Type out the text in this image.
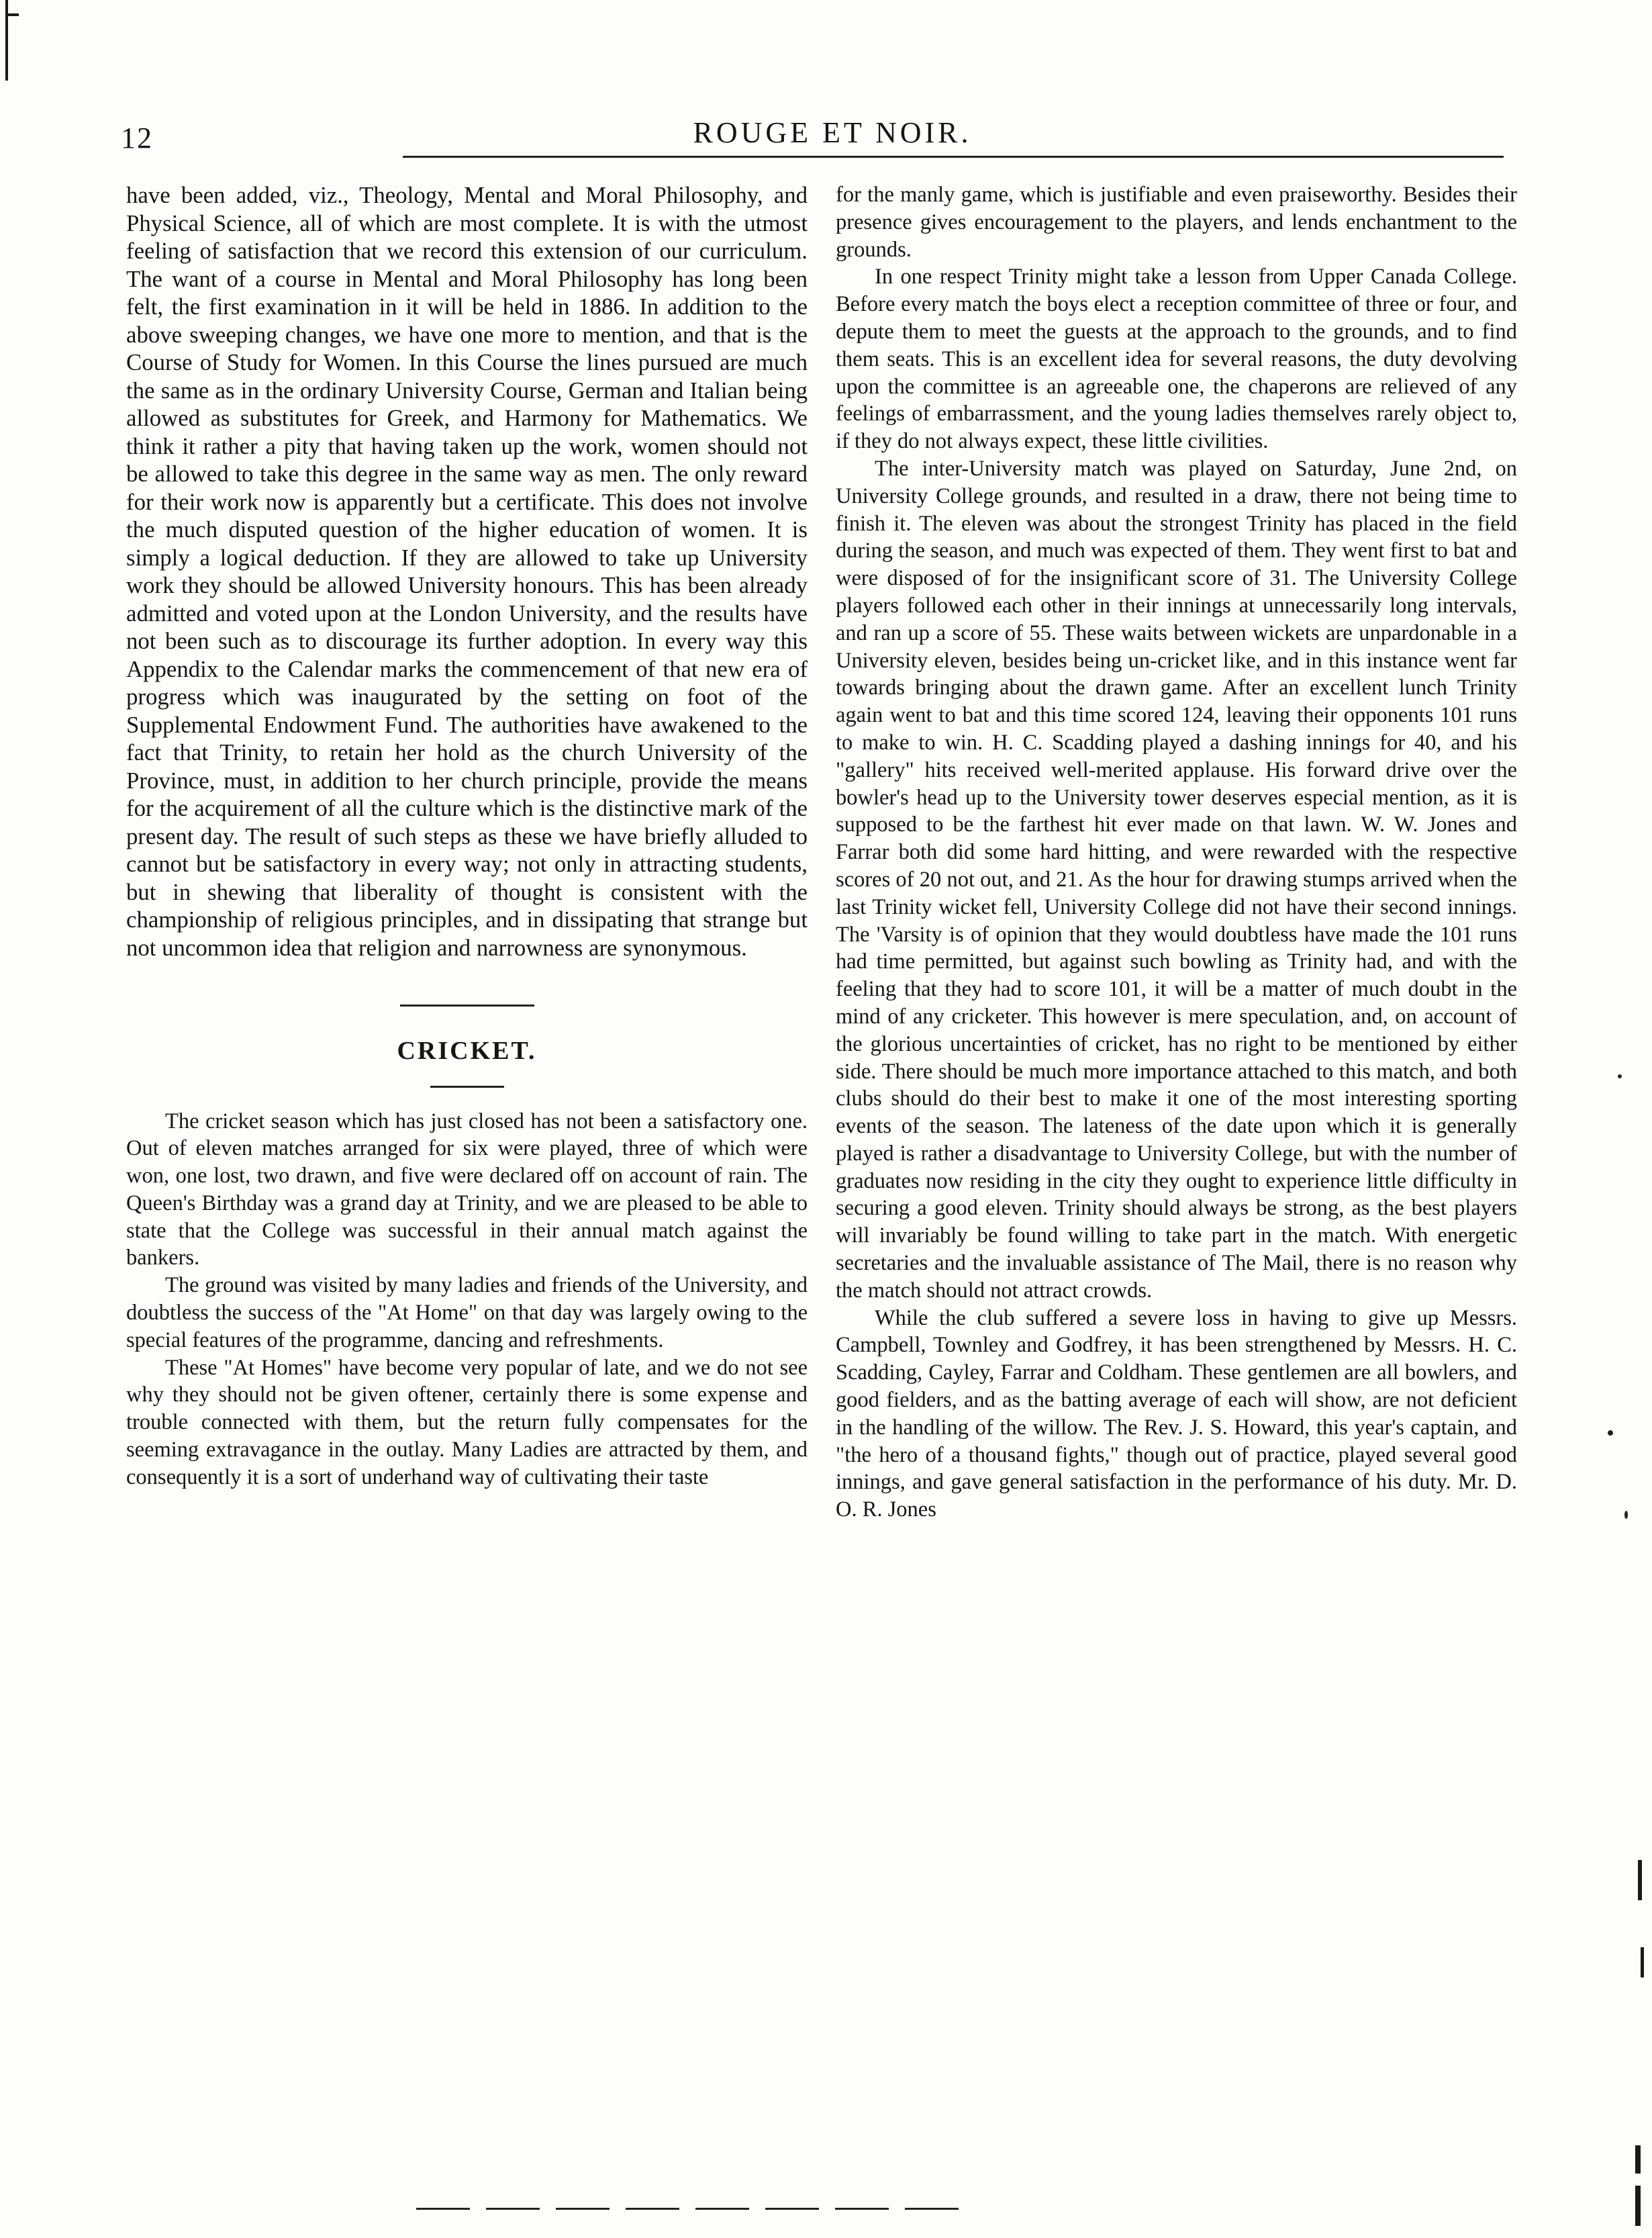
12	ROUGE ET NOIR.

have been added, viz., Theology, Mental and Moral Philosophy, and Physical Science, all of which are most complete. It is with the utmost feeling of satisfaction that we record this extension of our curriculum. The want of a course in Mental and Moral Philosophy has long been felt, the first examination in it will be held in 1886. In addition to the above sweeping changes, we have one more to mention, and that is the Course of Study for Women. In this Course the lines pursued are much the same as in the ordinary University Course, German and Italian being allowed as substitutes for Greek, and Harmony for Mathematics. We think it rather a pity that having taken up the work, women should not be allowed to take this degree in the same way as men. The only reward for their work now is apparently but a certificate. This does not involve the much disputed question of the higher education of women. It is simply a logical deduction. If they are allowed to take up University work they should be allowed University honours. This has been already admitted and voted upon at the London University, and the results have not been such as to discourage its further adoption. In every way this Appendix to the Calendar marks the commencement of that new era of progress which was inaugurated by the setting on foot of the Supplemental Endowment Fund. The authorities have awakened to the fact that Trinity, to retain her hold as the church University of the Province, must, in addition to her church principle, provide the means for the acquirement of all the culture which is the distinctive mark of the present day. The result of such steps as these we have briefly alluded to cannot but be satisfactory in every way; not only in attracting students, but in shewing that liberality of thought is consistent with the championship of religious principles, and in dissipating that strange but not uncommon idea that religion and narrowness are synonymous.

CRICKET.

The cricket season which has just closed has not been a satisfactory one. Out of eleven matches arranged for six were played, three of which were won, one lost, two drawn, and five were declared off on account of rain. The Queen's Birthday was a grand day at Trinity, and we are pleased to be able to state that the College was successful in their annual match against the bankers.

The ground was visited by many ladies and friends of the University, and doubtless the success of the "At Home" on that day was largely owing to the special features of the programme, dancing and refreshments.

These "At Homes" have become very popular of late, and we do not see why they should not be given oftener, certainly there is some expense and trouble connected with them, but the return fully compensates for the seeming extravagance in the outlay. Many Ladies are attracted by them, and consequently it is a sort of underhand way of cultivating their taste

for the manly game, which is justifiable and even praiseworthy. Besides their presence gives encouragement to the players, and lends enchantment to the grounds.

In one respect Trinity might take a lesson from Upper Canada College. Before every match the boys elect a reception committee of three or four, and depute them to meet the guests at the approach to the grounds, and to find them seats. This is an excellent idea for several reasons, the duty devolving upon the committee is an agreeable one, the chaperons are relieved of any feelings of embarrassment, and the young ladies themselves rarely object to, if they do not always expect, these little civilities.

The inter-University match was played on Saturday, June 2nd, on University College grounds, and resulted in a draw, there not being time to finish it. The eleven was about the strongest Trinity has placed in the field during the season, and much was expected of them. They went first to bat and were disposed of for the insignificant score of 31. The University College players followed each other in their innings at unnecessarily long intervals, and ran up a score of 55. These waits between wickets are unpardonable in a University eleven, besides being un-cricket like, and in this instance went far towards bringing about the drawn game. After an excellent lunch Trinity again went to bat and this time scored 124, leaving their opponents 101 runs to make to win. H. C. Scadding played a dashing innings for 40, and his "gallery" hits received well-merited applause. His forward drive over the bowler's head up to the University tower deserves especial mention, as it is supposed to be the farthest hit ever made on that lawn. W. W. Jones and Farrar both did some hard hitting, and were rewarded with the respective scores of 20 not out, and 21. As the hour for drawing stumps arrived when the last Trinity wicket fell, University College did not have their second innings. The 'Varsity is of opinion that they would doubtless have made the 101 runs had time permitted, but against such bowling as Trinity had, and with the feeling that they had to score 101, it will be a matter of much doubt in the mind of any cricketer. This however is mere speculation, and, on account of the glorious uncertainties of cricket, has no right to be mentioned by either side. There should be much more importance attached to this match, and both clubs should do their best to make it one of the most interesting sporting events of the season. The lateness of the date upon which it is generally played is rather a disadvantage to University College, but with the number of graduates now residing in the city they ought to experience little difficulty in securing a good eleven. Trinity should always be strong, as the best players will invariably be found willing to take part in the match. With energetic secretaries and the invaluable assistance of The Mail, there is no reason why the match should not attract crowds.

While the club suffered a severe loss in having to give up Messrs. Campbell, Townley and Godfrey, it has been strengthened by Messrs. H. C. Scadding, Cayley, Farrar and Coldham. These gentlemen are all bowlers, and good fielders, and as the batting average of each will show, are not deficient in the handling of the willow. The Rev. J. S. Howard, this year's captain, and "the hero of a thousand fights," though out of practice, played several good innings, and gave general satisfaction in the performance of his duty. Mr. D. O. R. Jones
